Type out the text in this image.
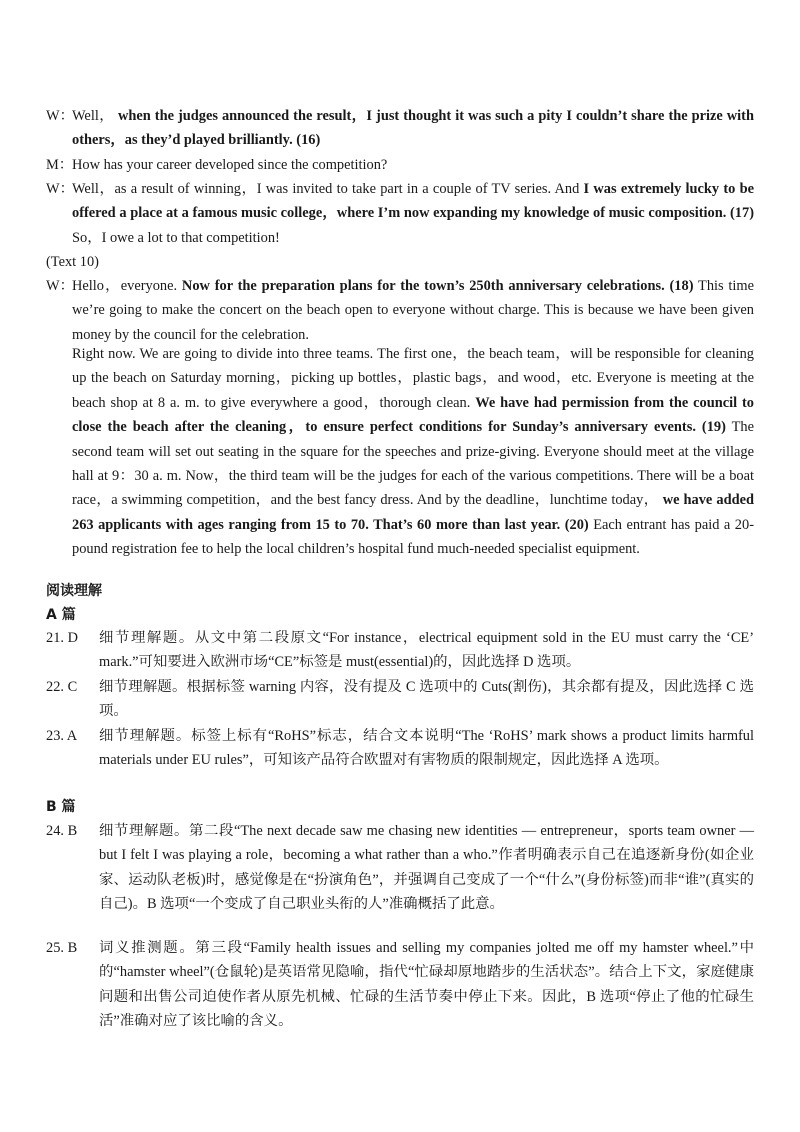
W：
Well， when the judges announced the result，I just thought it was such a pity I couldn’t share the prize with others，as they’d played brilliantly. (16)
M：
How has your career developed since the competition?
W：
Well，as a result of winning，I was invited to take part in a couple of TV series. And I was extremely lucky to be offered a place at a famous music college，where I’m now expanding my knowledge of music composition. (17) So，I owe a lot to that competition!
(Text 10)
W：
Hello，everyone. Now for the preparation plans for the town’s 250th anniversary celebrations. (18) This time we’re going to make the concert on the beach open to everyone without charge. This is because we have been given money by the council for the celebration.
Right now. We are going to divide into three teams. The first one，the beach team，will be responsible for cleaning up the beach on Saturday morning，picking up bottles，plastic bags，and wood，etc. Everyone is meeting at the beach shop at 8 a. m. to give everywhere a good，thorough clean. We have had permission from the council to close the beach after the cleaning，to ensure perfect conditions for Sunday’s anniversary events. (19) The second team will set out seating in the square for the speeches and prize-giving. Everyone should meet at the village hall at 9：30 a. m. Now，the third team will be the judges for each of the various competitions. There will be a boat race，a swimming competition，and the best fancy dress. And by the deadline，lunchtime today， we have added 263 applicants with ages ranging from 15 to 70. That’s 60 more than last year. (20) Each entrant has paid a 20-pound registration fee to help the local children’s hospital fund much-needed specialist equipment.
阅读理解
A 篇
21. D 细节理解题。从文中第二段原文“For instance，electrical equipment sold in the EU must carry the ‘CE’ mark.”可知要进入欧洲市场“CE”标签是 must(essential)的，因此选择 D 选项。
22. C 细节理解题。根据标签 warning 内容，没有提及 C 选项中的 Cuts(割伤)，其余都有提及，因此选择 C 选项。
23. A 细节理解题。标签上标有“RoHS”标志，结合文本说明“The ‘RoHS’ mark shows a product limits harmful materials under EU rules”，可知该产品符合欧盟对有害物质的限制规定，因此选择 A 选项。
B 篇
24. B 细节理解题。第二段“The next decade saw me chasing new identities — entrepreneur，sports team owner — but I felt I was playing a role，becoming a what rather than a who.”作者明确表示自己在追逐新身份(如企业家、运动队老板)时，感觉像是在“扮演角色”，并强调自己变成了一个“什么”(身份标签)而非“谁”(真实的自己)。B 选项“一个变成了自己职业头衔的人”准确概括了此意。
25. B 词义推测题。第三段“Family health issues and selling my companies jolted me off my hamster wheel.”中的“hamster wheel”(仓鼠轮)是英语常见隐喻，指代“忙碌却原地踏步的生活状态”。结合上下文，家庭健康问题和出售公司迫使作者从原先机械、忙碌的生活节奏中停止下来。因此，B 选项“停止了他的忙碌生活”准确对应了该比喻的含义。
